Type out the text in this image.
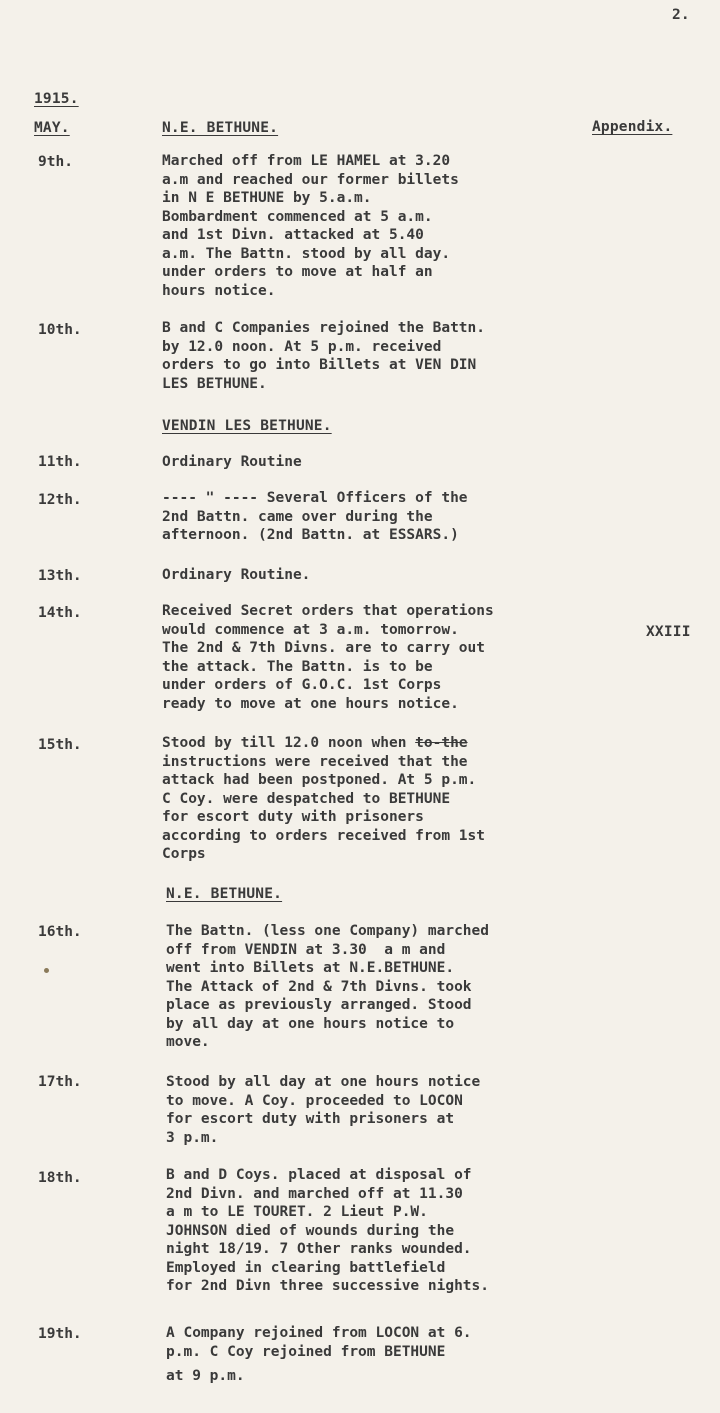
2.
1915.
MAY.	N.E. BETHUNE.	Appendix.
9th.	Marched off from LE HAMEL at 3.20
a.m and reached our former billets
in N E BETHUNE by 5.a.m.
Bombardment commenced at 5 a.m.
and 1st Divn. attacked at 5.40
a.m. The Battn. stood by all day.
under orders to move at half an
hours notice.
10th.	B and C Companies rejoined the Battn.
by 12.0 noon. At 5 p.m. received
orders to go into Billets at VEN DIN
LES BETHUNE.
VENDIN LES BETHUNE.
11th.	Ordinary Routine
12th.	---- " ---- Several Officers of the
2nd Battn. came over during the
afternoon. (2nd Battn. at ESSARS.)
13th.	Ordinary Routine.
14th.	Received Secret orders that operations
would commence at 3 a.m. tomorrow.
The 2nd & 7th Divns. are to carry out
the attack. The Battn. is to be
under orders of G.O.C. 1st Corps
ready to move at one hours notice.
XXIII
15th.	Stood by till 12.0 noon when to-the
instructions were received that the
attack had been postponed. At 5 p.m.
C Coy. were despatched to BETHUNE
for escort duty with prisoners
according to orders received from 1st
Corps
N.E. BETHUNE.
16th.	The Battn. (less one Company) marched
off from VENDIN at 3.30  a m and
went into Billets at N.E.BETHUNE.
The Attack of 2nd & 7th Divns. took
place as previously arranged. Stood
by all day at one hours notice to
move.
17th.	Stood by all day at one hours notice
to move. A Coy. proceeded to LOCON
for escort duty with prisoners at
3 p.m.
18th.	B and D Coys. placed at disposal of
2nd Divn. and marched off at 11.30
a m to LE TOURET. 2 Lieut P.W.
JOHNSON died of wounds during the
night 18/19. 7 Other ranks wounded.
Employed in clearing battlefield
for 2nd Divn three successive nights.
19th.	A Company rejoined from LOCON at 6.
p.m. C Coy rejoined from BETHUNE
at 9 p.m.
